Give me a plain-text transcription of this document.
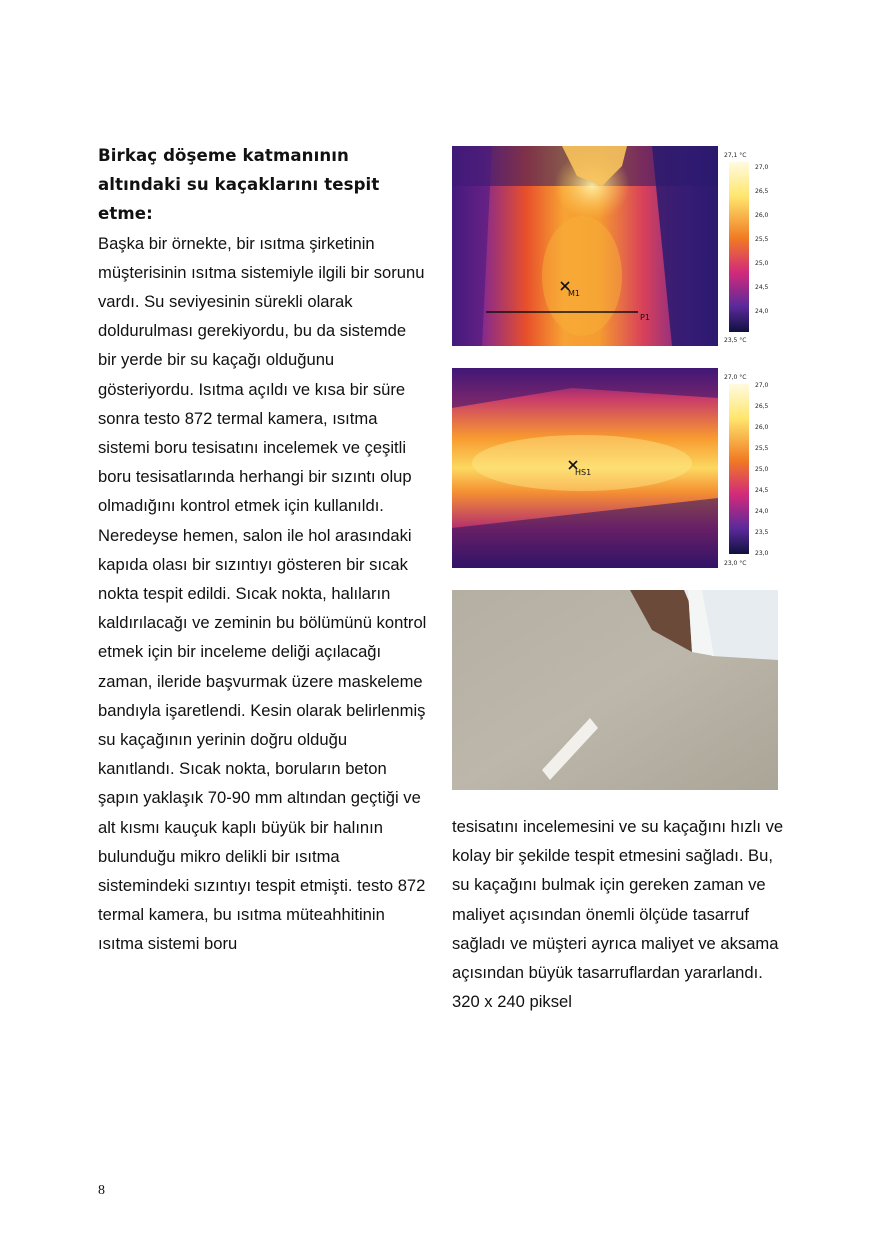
Birkaç döşeme katmanının altındaki su kaçaklarını tespit etme:

Başka bir örnekte, bir ısıtma şirketinin müşterisinin ısıtma sistemiyle ilgili bir sorunu vardı. Su seviyesinin sürekli olarak doldurulması gerekiyordu, bu da sistemde bir yerde bir su kaçağı olduğunu gösteriyordu. Isıtma açıldı ve kısa bir süre sonra testo 872 termal kamera, ısıtma sistemi boru tesisatını incelemek ve çeşitli boru tesisatlarında herhangi bir sızıntı olup olmadığını kontrol etmek için kullanıldı. Neredeyse hemen, salon ile hol arasındaki kapıda olası bir sızıntıyı gösteren bir sıcak nokta tespit edildi. Sıcak nokta, halıların kaldırılacağı ve zeminin bu bölümünü kontrol etmek için bir inceleme deliği açılacağı zaman, ileride başvurmak üzere maskeleme bandıyla işaretlendi. Kesin olarak belirlenmiş su kaçağının yerinin doğru olduğu kanıtlandı. Sıcak nokta, boruların beton şapın yaklaşık 70-90 mm altından geçtiği ve alt kısmı kauçuk kaplı büyük bir halının bulunduğu mikro delikli bir ısıtma sistemindeki sızıntıyı tespit etmişti. testo 872 termal kamera, bu ısıtma müteahhitinin ısıtma sistemi boru

M1
P1
27,1 °C
27,0
26,5
26,0
25,5
25,0
24,5
24,0
23,5 °C
HS1
27,0 °C
27,0
26,5
26,0
25,5
25,0
24,5
24,0
23,5
23,0
23,0 °C

tesisatını incelemesini ve su kaçağını hızlı ve kolay bir şekilde tespit etmesini sağladı. Bu, su kaçağını bulmak için gereken zaman ve maliyet açısından önemli ölçüde tasarruf sağladı ve müşteri ayrıca maliyet ve aksama açısından büyük tasarruflardan yararlandı. 320 x 240 piksel

8
